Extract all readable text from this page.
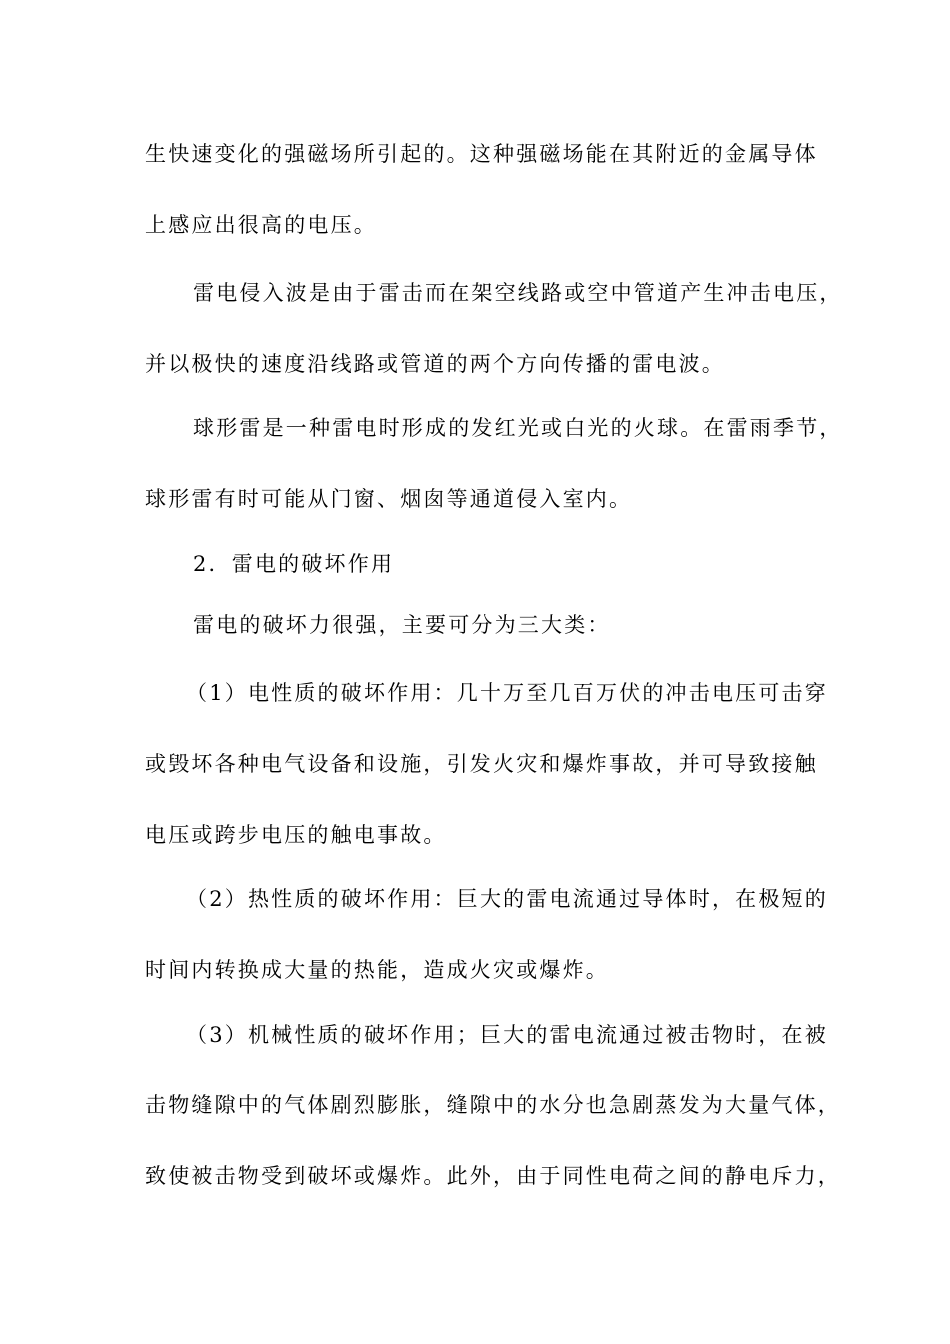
生快速变化的强磁场所引起的。这种强磁场能在其附近的金属导体
上感应出很高的电压。
雷电侵入波是由于雷击而在架空线路或空中管道产生冲击电压，
并以极快的速度沿线路或管道的两个方向传播的雷电波。
球形雷是一种雷电时形成的发红光或白光的火球。在雷雨季节，
球形雷有时可能从门窗、烟囱等通道侵入室内。
2．雷电的破坏作用
雷电的破坏力很强，主要可分为三大类：
（1）电性质的破坏作用：几十万至几百万伏的冲击电压可击穿
或毁坏各种电气设备和设施，引发火灾和爆炸事故，并可导致接触
电压或跨步电压的触电事故。
（2）热性质的破坏作用：巨大的雷电流通过导体时，在极短的
时间内转换成大量的热能，造成火灾或爆炸。
（3）机械性质的破坏作用；巨大的雷电流通过被击物时，在被
击物缝隙中的气体剧烈膨胀，缝隙中的水分也急剧蒸发为大量气体，
致使被击物受到破坏或爆炸。此外，由于同性电荷之间的静电斥力，
